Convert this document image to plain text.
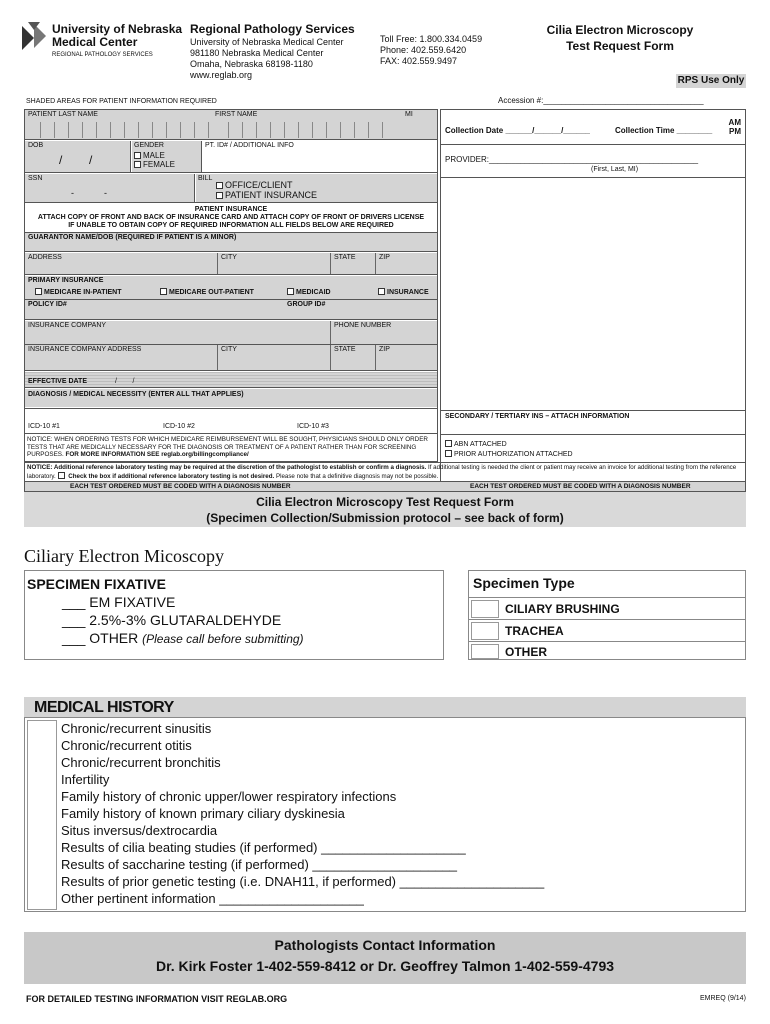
University of Nebraska
Medical Center
REGIONAL PATHOLOGY SERVICES
Regional Pathology Services
University of Nebraska Medical Center
981180 Nebraska Medical Center
Omaha, Nebraska 68198-1180
www.reglab.org
Toll Free: 1.800.334.0459
Phone: 402.559.6420
FAX: 402.559.9497
Cilia Electron Microscopy
Test Request Form
RPS Use Only
SHADED AREAS FOR PATIENT INFORMATION REQUIRED	Accession #:____________________________________
PATIENT LAST NAME	FIRST NAME	MI
DOB
/        /
GENDER
MALE
FEMALE
PT. ID# / ADDITIONAL INFO
SSN
-            -
BILL
OFFICE/CLIENT
PATIENT INSURANCE
AM
PM
Collection Date ______/______/______	Collection Time ________
PROVIDER:_______________________________________________
(First, Last, MI)
SECONDARY / TERTIARY INS – ATTACH INFORMATION
ABN ATTACHED
PRIOR AUTHORIZATION ATTACHED
PATIENT INSURANCE
ATTACH COPY OF FRONT AND BACK OF INSURANCE CARD AND ATTACH COPY OF FRONT OF DRIVERS LICENSE
IF UNABLE TO OBTAIN COPY OF REQUIRED INFORMATION ALL FIELDS BELOW ARE REQUIRED
GUARANTOR NAME/DOB (REQUIRED IF PATIENT IS A MINOR)
ADDRESS	CITY	STATE	ZIP
PRIMARY INSURANCE
MEDICARE IN-PATIENT	MEDICARE OUT-PATIENT	MEDICAID	INSURANCE
POLICY ID#	GROUP ID#
INSURANCE COMPANY	PHONE NUMBER
INSURANCE COMPANY ADDRESS	CITY	STATE	ZIP
EFFECTIVE DATE	/        /
DIAGNOSIS / MEDICAL NECESSITY (ENTER ALL THAT APPLIES)
ICD-10 #1	ICD-10 #2	ICD-10 #3
NOTICE: WHEN ORDERING TESTS FOR WHICH MEDICARE REIMBURSEMENT WILL BE SOUGHT, PHYSICIANS SHOULD ONLY ORDER TESTS THAT ARE MEDICALLY NECESSARY FOR THE DIAGNOSIS OR TREATMENT OF A PATIENT RATHER THAN FOR SCREENING PURPOSES. FOR MORE INFORMATION SEE reglab.org/billingcompliance/
NOTICE: Additional reference laboratory testing may be required at the discretion of the pathologist to establish or confirm a diagnosis. If additional testing is needed the client or patient may receive an invoice for additional testing from the reference laboratory. Check the box if additional reference laboratory testing is not desired. Please note that a definitive diagnosis may not be possible.
EACH TEST ORDERED MUST BE CODED WITH A DIAGNOSIS NUMBER	EACH TEST ORDERED MUST BE CODED WITH A DIAGNOSIS NUMBER
Cilia Electron Microscopy Test Request Form
(Specimen Collection/Submission protocol – see back of form)
Ciliary Electron Micoscopy
SPECIMEN FIXATIVE
___ EM FIXATIVE
___ 2.5%-3% GLUTARALDEHYDE
___ OTHER (Please call before submitting)
Specimen Type
CILIARY BRUSHING
TRACHEA
OTHER
MEDICAL HISTORY
Chronic/recurrent sinusitis
Chronic/recurrent otitis
Chronic/recurrent bronchitis
Infertility
Family history of chronic upper/lower respiratory infections
Family history of known primary ciliary dyskinesia
Situs inversus/dextrocardia
Results of cilia beating studies (if performed) ____________________
Results of saccharine testing (if performed) ____________________
Results of prior genetic testing (i.e. DNAH11, if performed) ____________________
Other pertinent information ____________________
Pathologists Contact Information
Dr. Kirk Foster 1-402-559-8412 or Dr. Geoffrey Talmon 1-402-559-4793
FOR DETAILED TESTING INFORMATION VISIT REGLAB.ORG	EMREQ (9/14)
